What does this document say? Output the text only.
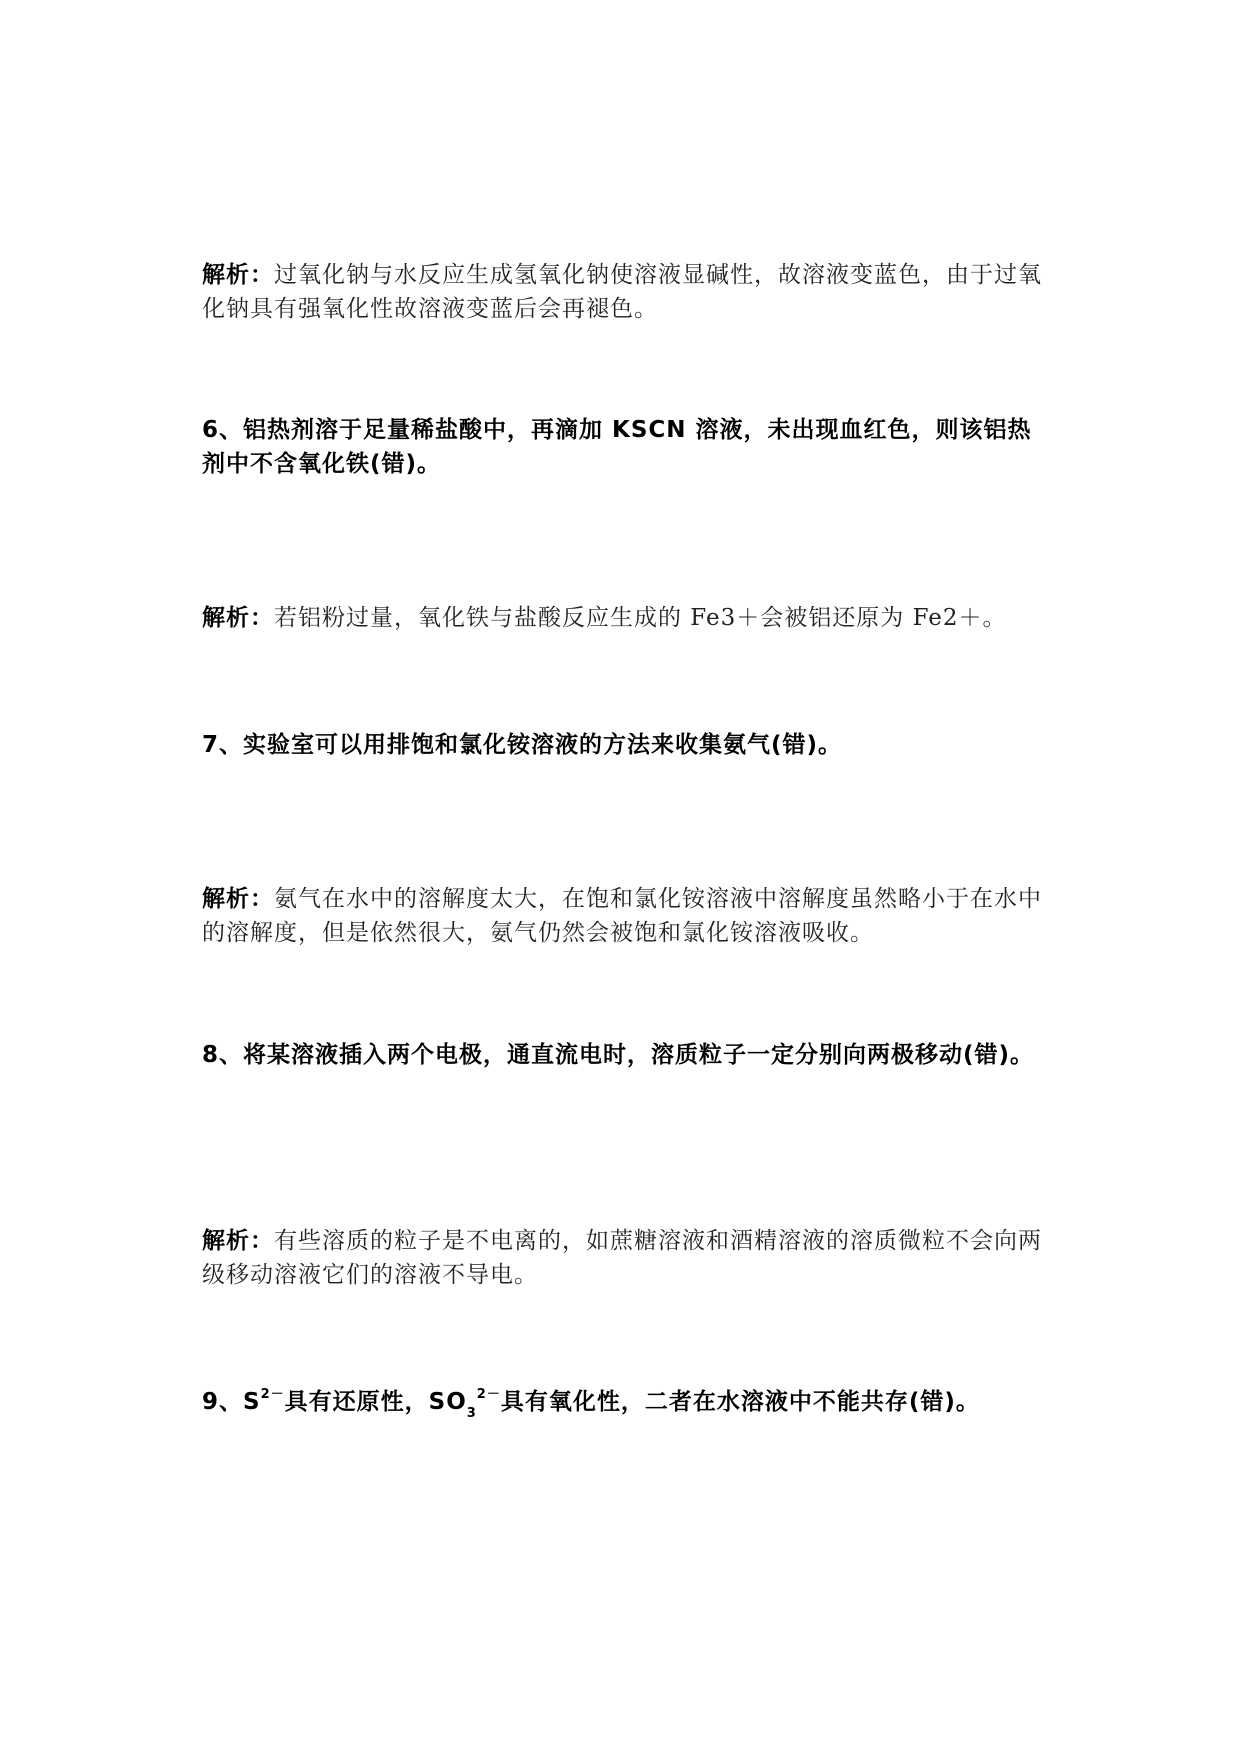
解析：过氧化钠与水反应生成氢氧化钠使溶液显碱性，故溶液变蓝色，由于过氧化钠具有强氧化性故溶液变蓝后会再褪色。
6、铝热剂溶于足量稀盐酸中，再滴加 KSCN 溶液，未出现血红色，则该铝热剂中不含氧化铁(错)。
解析：若铝粉过量，氧化铁与盐酸反应生成的 Fe3＋会被铝还原为 Fe2＋。
7、实验室可以用排饱和氯化铵溶液的方法来收集氨气(错)。
解析：氨气在水中的溶解度太大，在饱和氯化铵溶液中溶解度虽然略小于在水中的溶解度，但是依然很大，氨气仍然会被饱和氯化铵溶液吸收。
8、将某溶液插入两个电极，通直流电时，溶质粒子一定分别向两极移动(错)。
解析：有些溶质的粒子是不电离的，如蔗糖溶液和酒精溶液的溶质微粒不会向两级移动溶液它们的溶液不导电。
9、$S^{2-}$具有还原性，$SO_3^{2-}$具有氧化性，二者在水溶液中不能共存(错)。
